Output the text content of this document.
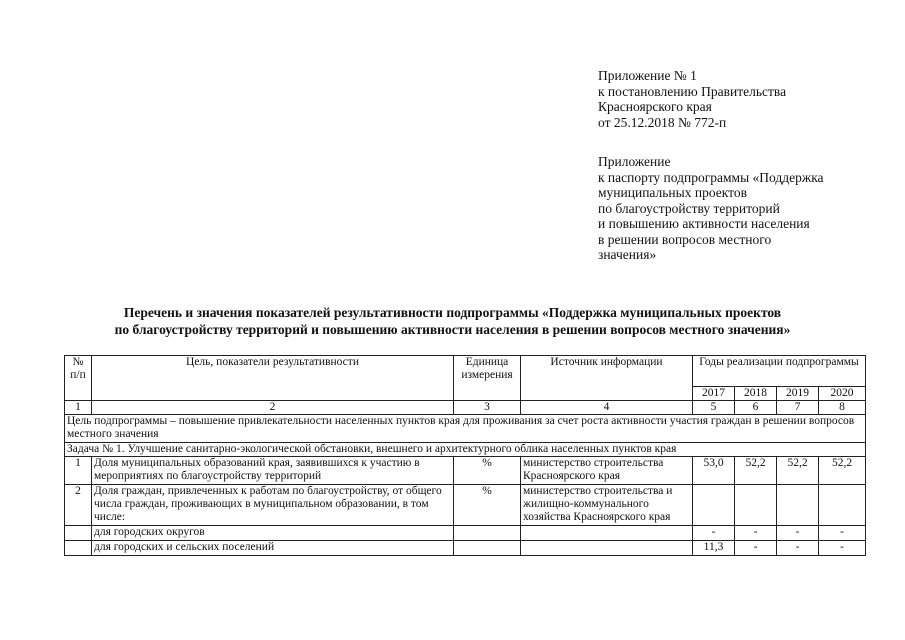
Приложение № 1
к постановлению Правительства
Красноярского края
от 25.12.2018 № 772-п
Приложение
к паспорту подпрограммы «Поддержка
муниципальных проектов
по благоустройству территорий
и повышению активности населения
в решении вопросов местного
значения»
Перечень и значения показателей результативности подпрограммы «Поддержка муниципальных проектов
по благоустройству территорий и повышению активности населения в решении вопросов местного значения»
№ п/п	Цель, показатели результативности	Единица измерения	Источник информации	Годы реализации подпрограммы			
				2017	2018	2019	2020
1	2	3	4	5	6	7	8
Цель подпрограммы – повышение привлекательности населенных пунктов края для проживания за счет роста активности участия граждан в решении вопросов местного значения							
Задача № 1. Улучшение санитарно-экологической обстановки, внешнего и архитектурного облика населенных пунктов края							
1	Доля муниципальных образований края, заявившихся к участию в мероприятиях по благоустройству территорий	%	министерство строительства Красноярского края	53,0	52,2	52,2	52,2
2	Доля граждан, привлеченных к работам по благоустройству, от общего числа граждан, проживающих в муниципальном образовании, в том числе:	%	министерство строительства и жилищно-коммунального хозяйства Красноярского края				
	для городских округов			-	-	-	-
	для городских и сельских поселений			11,3	-	-	-
